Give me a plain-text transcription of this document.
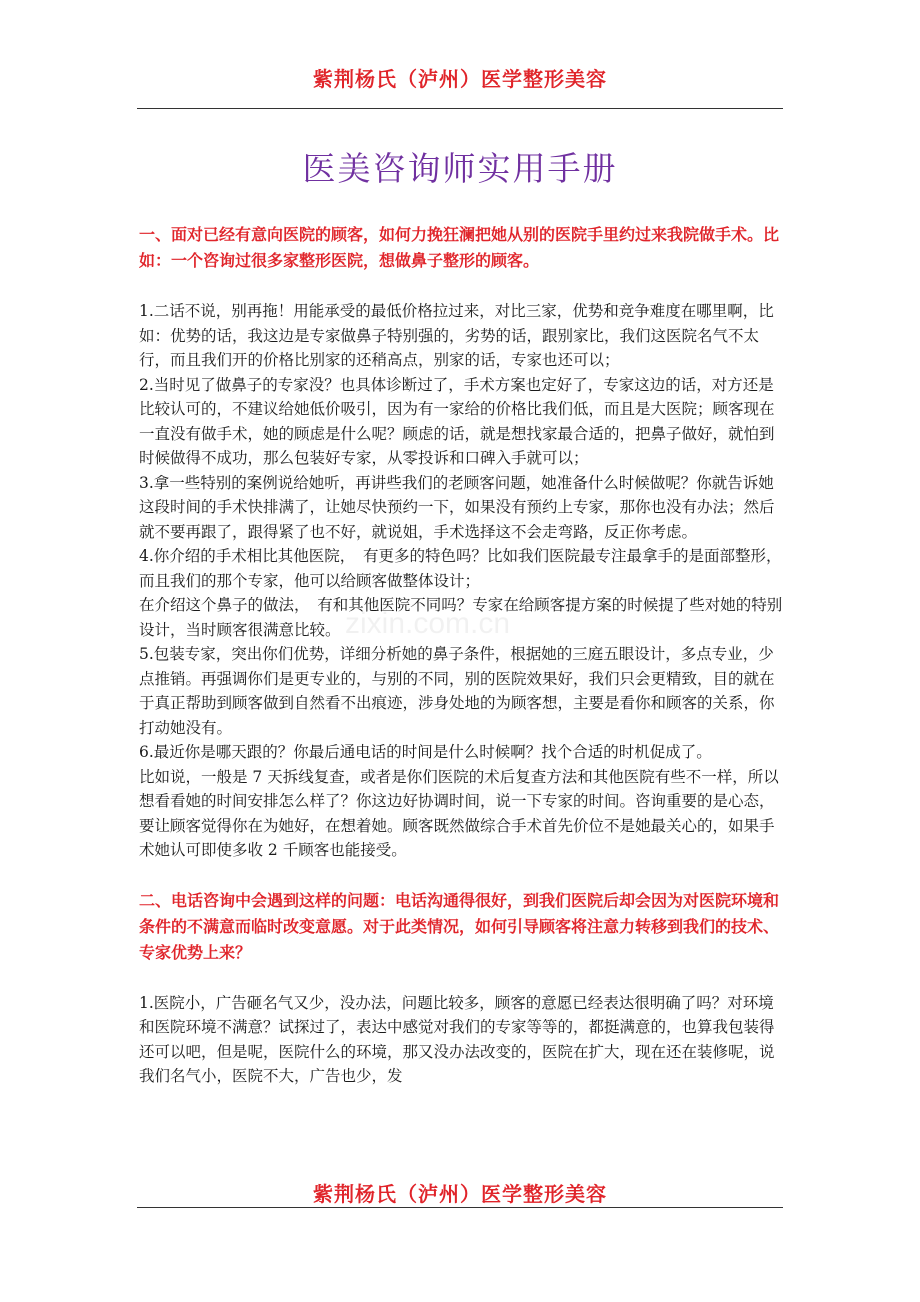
紫荆杨氏（泸州）医学整形美容
医美咨询师实用手册
zixin.com.cn
一、面对已经有意向医院的顾客，如何力挽狂澜把她从别的医院手里约过来我院做手术。比如：一个咨询过很多家整形医院，想做鼻子整形的顾客。
1.二话不说，别再拖！用能承受的最低价格拉过来，对比三家，优势和竞争难度在哪里啊，比如：优势的话，我这边是专家做鼻子特别强的，劣势的话，跟别家比，我们这医院名气不太行，而且我们开的价格比别家的还稍高点，别家的话，专家也还可以；
2.当时见了做鼻子的专家没？也具体诊断过了，手术方案也定好了，专家这边的话，对方还是比较认可的，不建议给她低价吸引，因为有一家给的价格比我们低，而且是大医院；顾客现在一直没有做手术，她的顾虑是什么呢？顾虑的话，就是想找家最合适的，把鼻子做好，就怕到时候做得不成功，那么包装好专家，从零投诉和口碑入手就可以；
3.拿一些特别的案例说给她听，再讲些我们的老顾客问题，她准备什么时候做呢？你就告诉她这段时间的手术快排满了，让她尽快预约一下，如果没有预约上专家，那你也没有办法；然后就不要再跟了，跟得紧了也不好，就说姐，手术选择这不会走弯路，反正你考虑。
4.你介绍的手术相比其他医院，　有更多的特色吗？比如我们医院最专注最拿手的是面部整形，而且我们的那个专家，他可以给顾客做整体设计；
在介绍这个鼻子的做法，　有和其他医院不同吗？专家在给顾客提方案的时候提了些对她的特别设计，当时顾客很满意比较。
5.包装专家，突出你们优势，详细分析她的鼻子条件，根据她的三庭五眼设计，多点专业，少点推销。再强调你们是更专业的，与别的不同，别的医院效果好，我们只会更精致，目的就在于真正帮助到顾客做到自然看不出痕迹，涉身处地的为顾客想，主要是看你和顾客的关系，你打动她没有。
6.最近你是哪天跟的？你最后通电话的时间是什么时候啊？找个合适的时机促成了。
比如说，一般是 7 天拆线复查，或者是你们医院的术后复查方法和其他医院有些不一样，所以想看看她的时间安排怎么样了？你这边好协调时间，说一下专家的时间。咨询重要的是心态，要让顾客觉得你在为她好，在想着她。顾客既然做综合手术首先价位不是她最关心的，如果手术她认可即使多收 2 千顾客也能接受。
二、电话咨询中会遇到这样的问题：电话沟通得很好，到我们医院后却会因为对医院环境和条件的不满意而临时改变意愿。对于此类情况，如何引导顾客将注意力转移到我们的技术、专家优势上来？
1.医院小，广告砸名气又少，没办法，问题比较多，顾客的意愿已经表达很明确了吗？对环境和医院环境不满意？试探过了，表达中感觉对我们的专家等等的，都挺满意的，也算我包装得还可以吧，但是呢，医院什么的环境，那又没办法改变的，医院在扩大，现在还在装修呢，说我们名气小，医院不大，广告也少，发
紫荆杨氏（泸州）医学整形美容
